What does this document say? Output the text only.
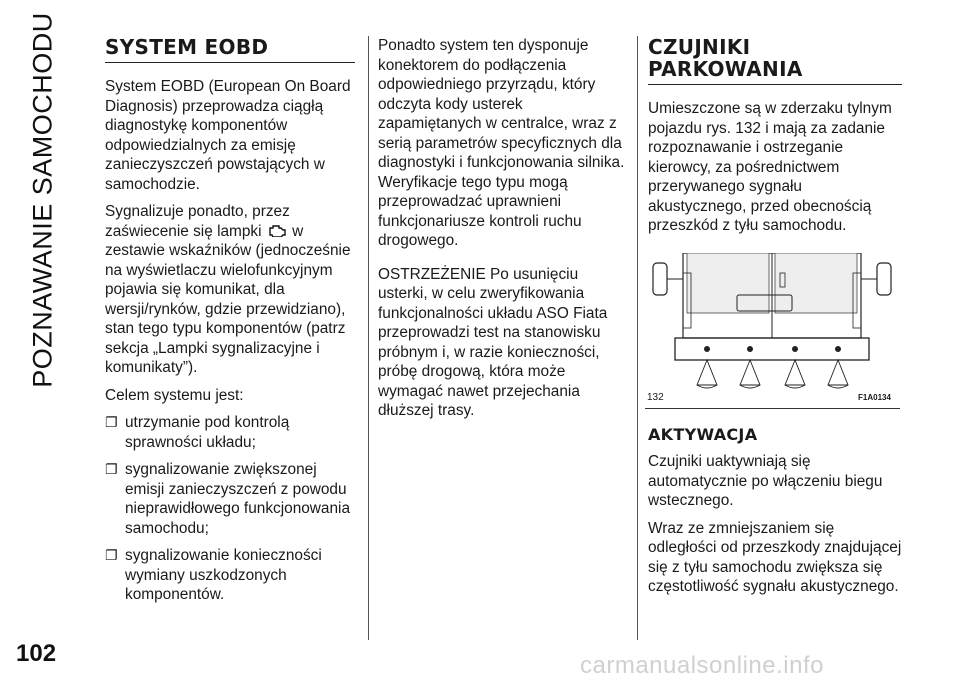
POZNAWANIE SAMOCHODU
102
SYSTEM EOBD

System EOBD (European On Board Diagnosis) przeprowadza ciągłą diagnostykę komponentów odpowiedzialnych za emisję zanieczyszczeń powstających w samochodzie.

Sygnalizuje ponadto, przez zaświecenie się lampki w zestawie wskaźników (jednocześnie na wyświetlaczu wielofunkcyjnym pojawia się komunikat, dla wersji/rynków, gdzie przewidziano), stan tego typu komponentów (patrz sekcja „Lampki sygnalizacyjne i komunikaty”).

Celem systemu jest:

❐ utrzymanie pod kontrolą sprawności układu;
❐ sygnalizowanie zwiększonej emisji zanieczyszczeń z powodu nieprawidłowego funkcjonowania samochodu;
❐ sygnalizowanie konieczności wymiany uszkodzonych komponentów.

Ponadto system ten dysponuje konektorem do podłączenia odpowiedniego przyrządu, który odczyta kody usterek zapamiętanych w centralce, wraz z serią parametrów specyficznych dla diagnostyki i funkcjonowania silnika. Weryfikacje tego typu mogą przeprowadzać uprawnieni funkcjonariusze kontroli ruchu drogowego.

OSTRZEŻENIE Po usunięciu usterki, w celu zweryfikowania funkcjonalności układu ASO Fiata przeprowadzi test na stanowisku próbnym i, w razie konieczności, próbę drogową, która może wymagać nawet przejechania dłuższej trasy.

CZUJNIKI PARKOWANIA

Umieszczone są w zderzaku tylnym pojazdu rys. 132 i mają za zadanie rozpoznawanie i ostrzeganie kierowcy, za pośrednictwem przerywanego sygnału akustycznego, przed obecnością przeszkód z tyłu samochodu.

132	F1A0134
AKTYWACJA

Czujniki uaktywniają się automatycznie po włączeniu biegu wstecznego.

Wraz ze zmniejszaniem się odległości od przeszkody znajdującej się z tyłu samochodu zwiększa się częstotliwość sygnału akustycznego.

carmanualsonline.info
